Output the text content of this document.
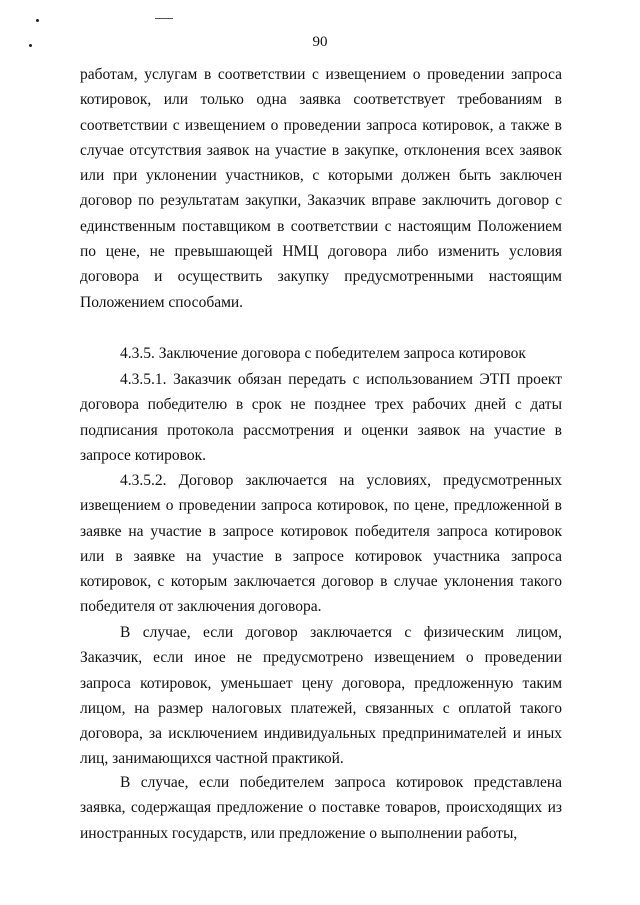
90

работам, услугам в соответствии с извещением о проведении запроса котировок, или только одна заявка соответствует требованиям в соответствии с извещением о проведении запроса котировок, а также в случае отсутствия заявок на участие в закупке, отклонения всех заявок или при уклонении участников, с которыми должен быть заключен договор по результатам закупки, Заказчик вправе заключить договор с единственным поставщиком в соответствии с настоящим Положением по цене, не превышающей НМЦ договора либо изменить условия договора и осуществить закупку предусмотренными настоящим Положением способами.

4.3.5. Заключение договора с победителем запроса котировок

4.3.5.1. Заказчик обязан передать с использованием ЭТП проект договора победителю в срок не позднее трех рабочих дней с даты подписания протокола рассмотрения и оценки заявок на участие в запросе котировок.

4.3.5.2. Договор заключается на условиях, предусмотренных извещением о проведении запроса котировок, по цене, предложенной в заявке на участие в запросе котировок победителя запроса котировок или в заявке на участие в запросе котировок участника запроса котировок, с которым заключается договор в случае уклонения такого победителя от заключения договора.

В случае, если договор заключается с физическим лицом, Заказчик, если иное не предусмотрено извещением о проведении запроса котировок, уменьшает цену договора, предложенную таким лицом, на размер налоговых платежей, связанных с оплатой такого договора, за исключением индивидуальных предпринимателей и иных лиц, занимающихся частной практикой.

В случае, если победителем запроса котировок представлена заявка, содержащая предложение о поставке товаров, происходящих из иностранных государств, или предложение о выполнении работы,
